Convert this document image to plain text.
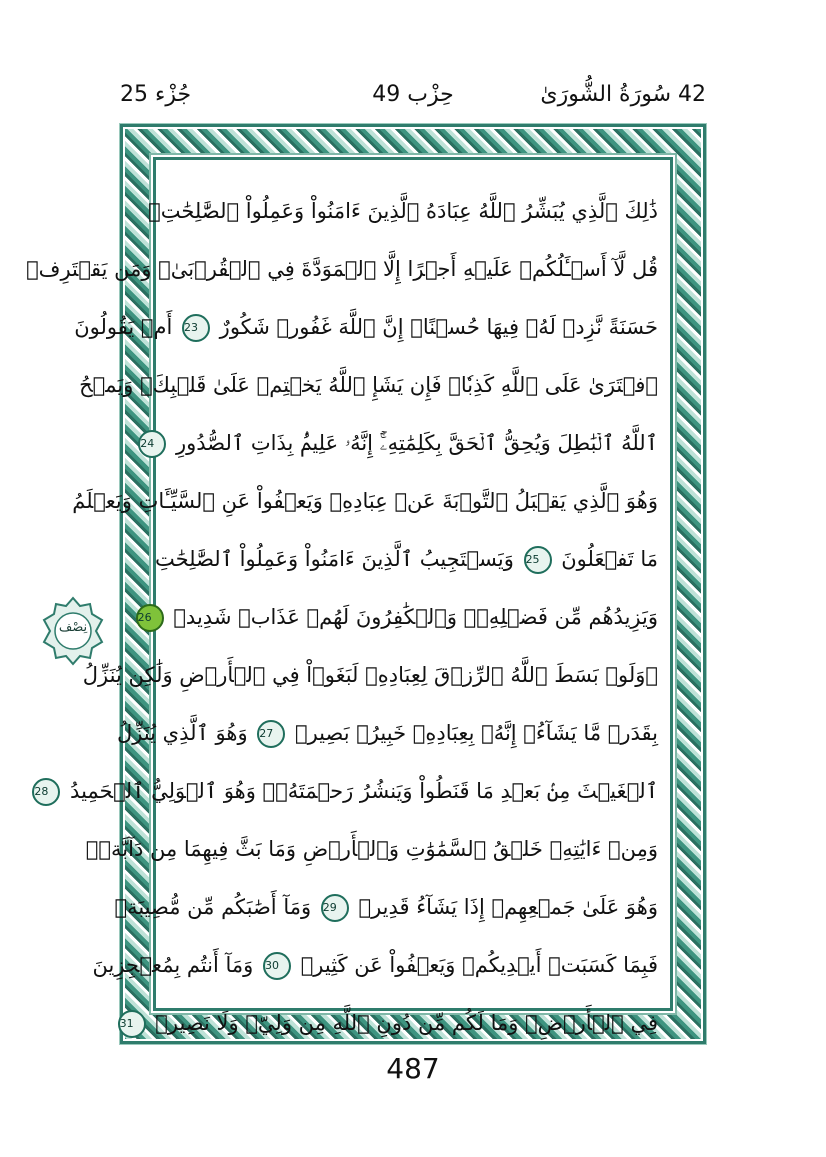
42 سُورَةُ الشُّورَىٰ
حِزْب 49
جُزْء 25
ذَٰلِكَ ٱلَّذِي يُبَشِّرُ ٱللَّهُ عِبَادَهُ ٱلَّذِينَ ءَامَنُواْ وَعَمِلُواْ ٱلصَّٰلِحَٰتِۗ
قُل لَّآ أَسۡـَٔلُكُمۡ عَلَيۡهِ أَجۡرًا إِلَّا ٱلۡمَوَدَّةَ فِي ٱلۡقُرۡبَىٰۗ وَمَن يَقۡتَرِفۡ
حَسَنَةً نَّزِدۡ لَهُۥ فِيهَا حُسۡنًاۚ إِنَّ ٱللَّهَ غَفُورٞ شَكُورٌ 23 أَمۡ يَقُولُونَ
ٱفۡتَرَىٰ عَلَى ٱللَّهِ كَذِبٗاۖ فَإِن يَشَإِ ٱللَّهُ يَخۡتِمۡ عَلَىٰ قَلۡبِكَۗ وَيَمۡحُ
ٱللَّهُ ٱلۡبَٰطِلَ وَيُحِقُّ ٱلۡحَقَّ بِكَلِمَٰتِهِۦٓۚ إِنَّهُۥ عَلِيمُۢ بِذَاتِ ٱلصُّدُورِ 24
وَهُوَ ٱلَّذِي يَقۡبَلُ ٱلتَّوۡبَةَ عَنۡ عِبَادِهِۦ وَيَعۡفُواْ عَنِ ٱلسَّيِّـَٔاتِ وَيَعۡلَمُ
مَا تَفۡعَلُونَ 25 وَيَسۡتَجِيبُ ٱلَّذِينَ ءَامَنُواْ وَعَمِلُواْ ٱلصَّٰلِحَٰتِ
وَيَزِيدُهُم مِّن فَضۡلِهِۦۚ وَٱلۡكَٰفِرُونَ لَهُمۡ عَذَابٞ شَدِيدٞ 26
۞وَلَوۡ بَسَطَ ٱللَّهُ ٱلرِّزۡقَ لِعِبَادِهِۦ لَبَغَوۡاْ فِي ٱلۡأَرۡضِ وَلَٰكِن يُنَزِّلُ
بِقَدَرٖ مَّا يَشَآءُۚ إِنَّهُۥ بِعِبَادِهِۦ خَبِيرُۢ بَصِيرٞ 27 وَهُوَ ٱلَّذِي يُنَزِّلُ
ٱلۡغَيۡثَ مِنۢ بَعۡدِ مَا قَنَطُواْ وَيَنشُرُ رَحۡمَتَهُۥۚ وَهُوَ ٱلۡوَلِيُّ ٱلۡحَمِيدُ 28
وَمِنۡ ءَايَٰتِهِۦ خَلۡقُ ٱلسَّمَٰوَٰتِ وَٱلۡأَرۡضِ وَمَا بَثَّ فِيهِمَا مِن دَآبَّةٖۚ
وَهُوَ عَلَىٰ جَمۡعِهِمۡ إِذَا يَشَآءُ قَدِيرٞ 29 وَمَآ أَصَٰبَكُم مِّن مُّصِيبَةٖ
فَبِمَا كَسَبَتۡ أَيۡدِيكُمۡ وَيَعۡفُواْ عَن كَثِيرٖ 30 وَمَآ أَنتُم بِمُعۡجِزِينَ
فِي ٱلۡأَرۡضِۖ وَمَا لَكُم مِّن دُونِ ٱللَّهِ مِن وَلِيّٖ وَلَا نَصِيرٖ 31
نِصْف
487
